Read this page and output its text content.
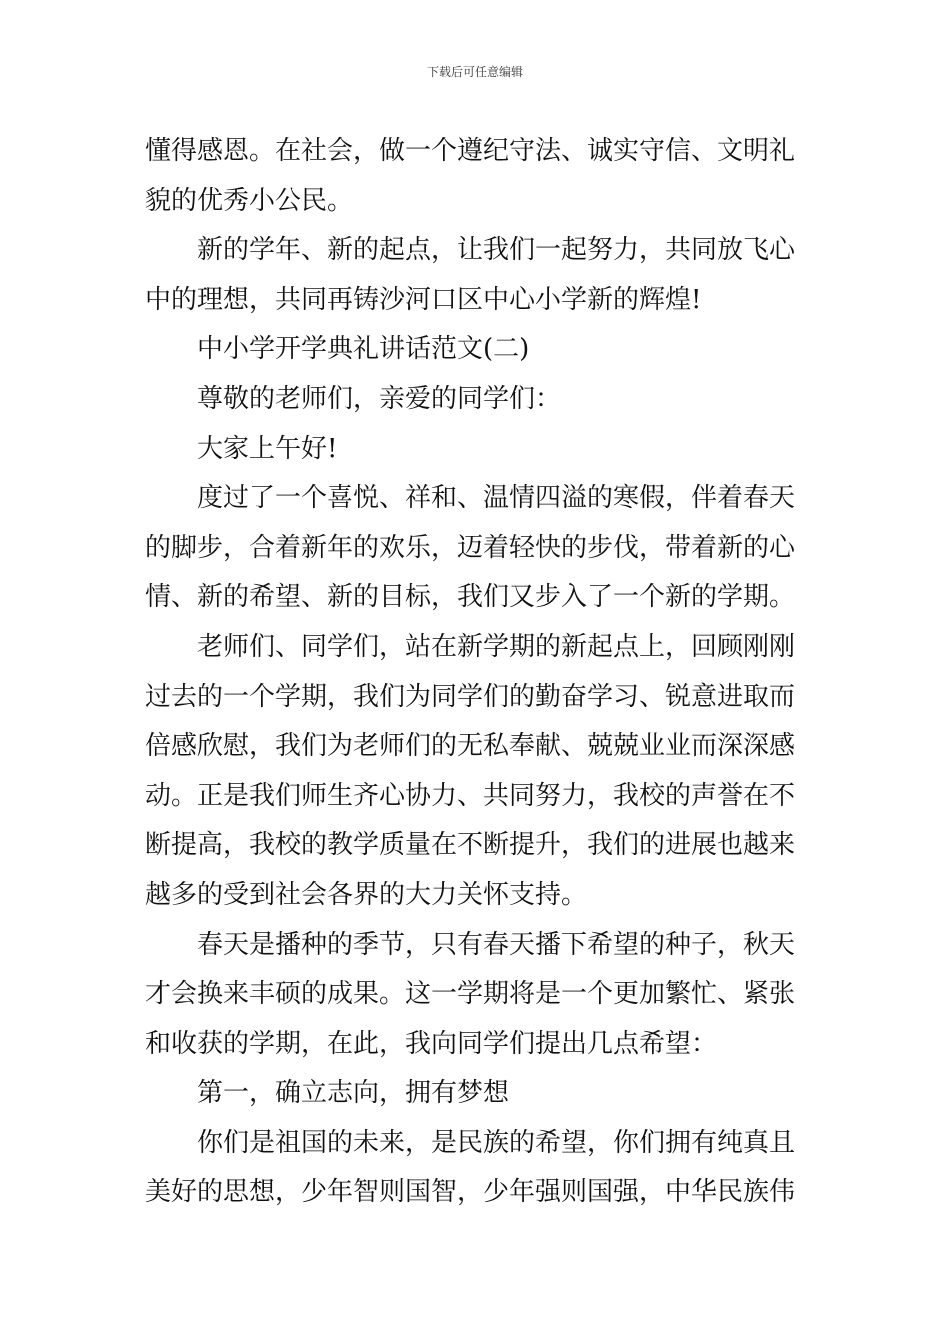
下载后可任意编辑
懂得感恩。在社会，做一个遵纪守法、诚实守信、文明礼
貌的优秀小公民。
新的学年、新的起点，让我们一起努力，共同放飞心
中的理想，共同再铸沙河口区中心小学新的辉煌!
中小学开学典礼讲话范文(二)
尊敬的老师们，亲爱的同学们：
大家上午好!
度过了一个喜悦、祥和、温情四溢的寒假，伴着春天
的脚步，合着新年的欢乐，迈着轻快的步伐，带着新的心
情、新的希望、新的目标，我们又步入了一个新的学期。
老师们、同学们，站在新学期的新起点上，回顾刚刚
过去的一个学期，我们为同学们的勤奋学习、锐意进取而
倍感欣慰，我们为老师们的无私奉献、兢兢业业而深深感
动。正是我们师生齐心协力、共同努力，我校的声誉在不
断提高，我校的教学质量在不断提升，我们的进展也越来
越多的受到社会各界的大力关怀支持。
春天是播种的季节，只有春天播下希望的种子，秋天
才会换来丰硕的成果。这一学期将是一个更加繁忙、紧张
和收获的学期，在此，我向同学们提出几点希望：
第一，确立志向，拥有梦想
你们是祖国的未来，是民族的希望，你们拥有纯真且
美好的思想，少年智则国智，少年强则国强，中华民族伟
